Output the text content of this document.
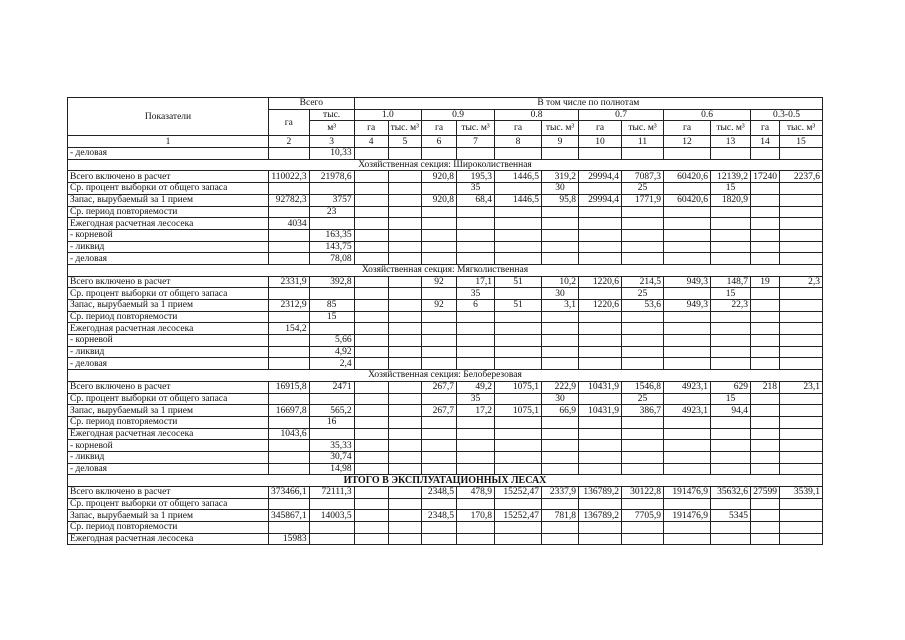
Показатели	Всего		В том числе по полнотам											
	га	тыс.	1.0		0.9		0.8		0.7		0.6		0.3-0.5	
		м³	га	тыс. м³	га	тыс. м³	га	тыс. м³	га	тыс. м³	га	тыс. м³	га	тыс. м³
1	2	3	4	5	6	7	8	9	10	11	12	13	14	15
- деловая		10,33												
Хозяйственная секция: Широколиственная														
Всего включено в расчет	110022,3	21978,6			920,8	195,3	1446,5	319,2	29994,4	7087,3	60420,6	12139,2	17240	2237,6
Ср. процент выборки от общего запаса						35		30		25		15		
Запас, вырубаемый за 1 прием	92782,3	3757			920,8	68,4	1446,5	95,8	29994,4	1771,9	60420,6	1820,9		
Ср. период повторяемости		23												
Ежегодная расчетная лесосека	4034													
- корневой		163,35												
- ликвид		143,75												
- деловая		78,08												
Хозяйственная секция: Мягколиственная														
Всего включено в расчет	2331,9	392,8			92	17,1	51	10,2	1220,6	214,5	949,3	148,7	19	2,3
Ср. процент выборки от общего запаса						35		30		25		15		
Запас, вырубаемый за 1 прием	2312,9	85			92	6	51	3,1	1220,6	53,6	949,3	22,3		
Ср. период повторяемости		15												
Ежегодная расчетная лесосека	154,2													
- корневой		5,66												
- ликвид		4,92												
- деловая		2,4												
Хозяйственная секция: Белоберезовая														
Всего включено в расчет	16915,8	2471			267,7	49,2	1075,1	222,9	10431,9	1546,8	4923,1	629	218	23,1
Ср. процент выборки от общего запаса						35		30		25		15		
Запас, вырубаемый за 1 прием	16697,8	565,2			267,7	17,2	1075,1	66,9	10431,9	386,7	4923,1	94,4		
Ср. период повторяемости		16												
Ежегодная расчетная лесосека	1043,6													
- корневой		35,33												
- ликвид		30,74												
- деловая		14,98												
ИТОГО В ЭКСПЛУАТАЦИОННЫХ ЛЕСАХ														
Всего включено в расчет	373466,1	72111,3			2348,5	478,9	15252,47	2337,9	136789,2	30122,8	191476,9	35632,6	27599	3539,1
Ср. процент выборки от общего запаса														
Запас, вырубаемый за 1 прием	345867,1	14003,5			2348,5	170,8	15252,47	781,8	136789,2	7705,9	191476,9	5345		
Ср. период повторяемости														
Ежегодная расчетная лесосека	15983													
